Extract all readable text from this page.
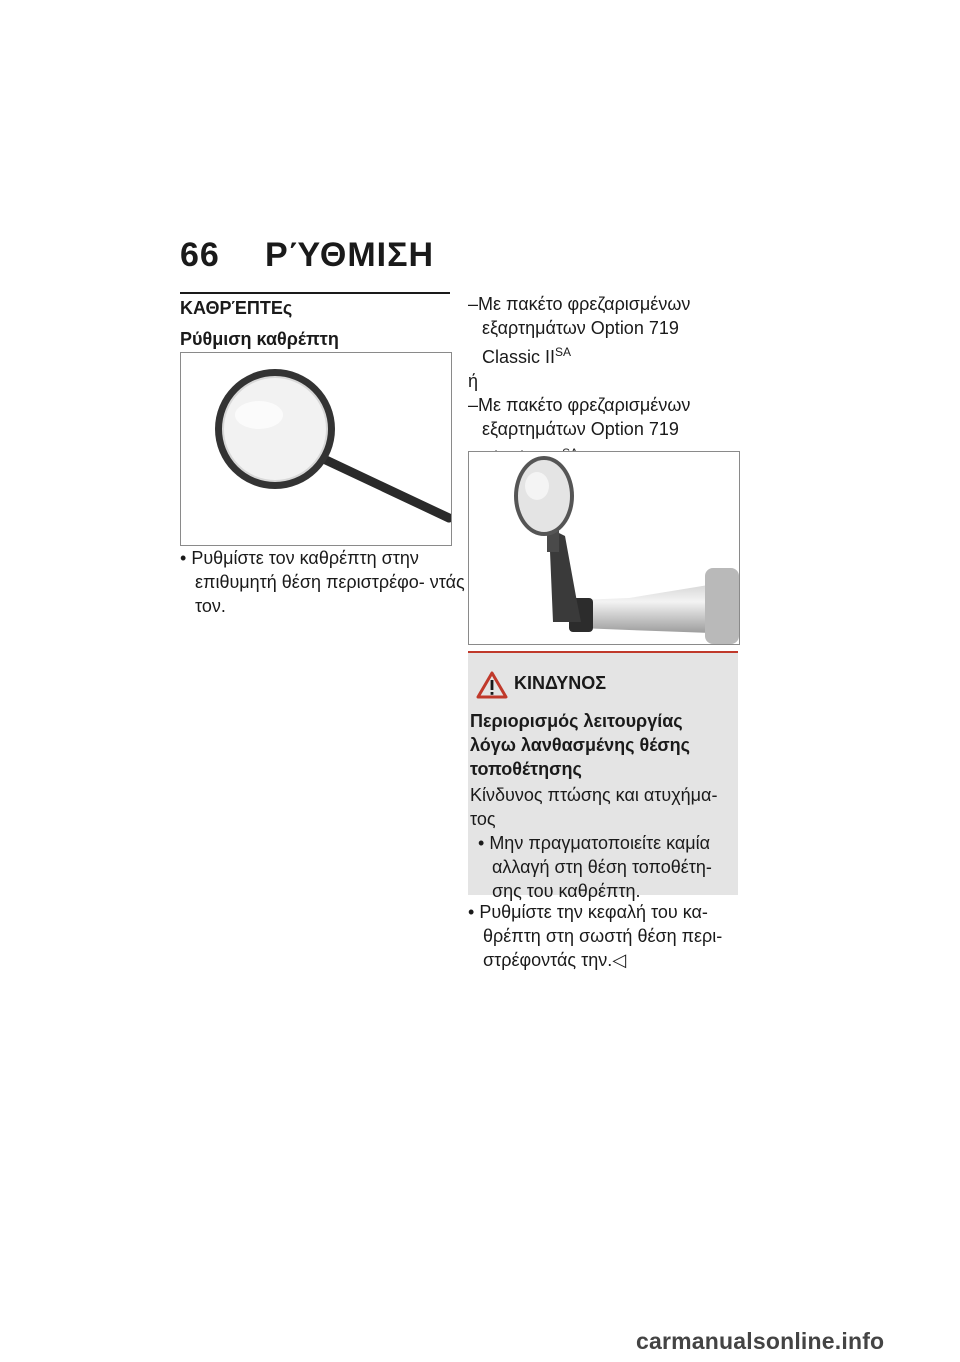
66 ΡΎΘΜΙΣΗ
ΚΑΘΡΈΠΤΕς
Ρύθμιση καθρέπτη
• Ρυθμίστε τον καθρέπτη στην επιθυμητή θέση περιστρέφο- ντάς τον.
–Με πακέτο φρεζαρισμένων
εξαρτημάτων Option 719
Classic $II^{SA}$
ή
–Με πακέτο φρεζαρισμένων
εξαρτημάτων Option 719
ΚΙΝΔΥΝΟΣ
Περιορισμός λειτουργίας λόγω λανθασμένης θέσης τοποθέτησης
Κίνδυνος πτώσης και ατυχήμα- τος
• Μην πραγματοποιείτε καμία αλλαγή στη θέση τοποθέτη- σης του καθρέπτη.
• Ρυθμίστε την κεφαλή του κα- θρέπτη στη σωστή θέση περι- στρέφοντάς την.◁
carmanualsonline.info
